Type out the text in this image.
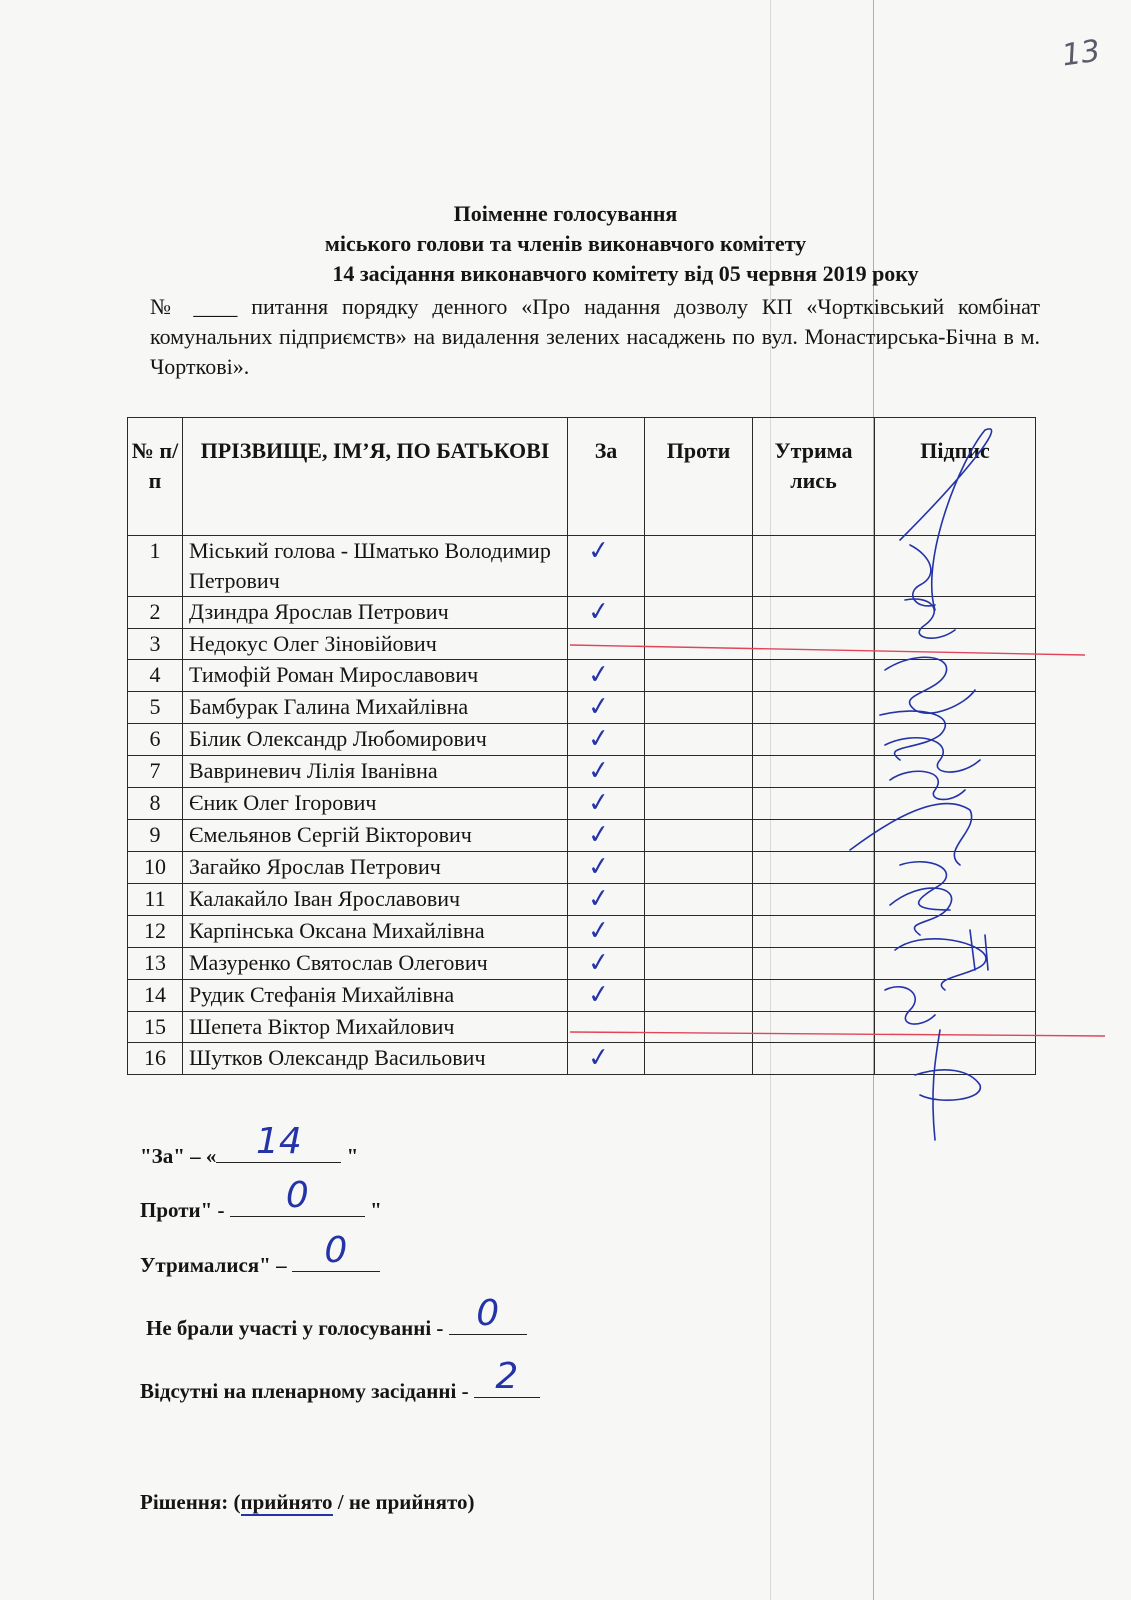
13
Поіменне голосування
міського голови та членів виконавчого комітету
14 засідання виконавчого комітету від 05 червня 2019 року
№ ____ питання порядку денного «Про надання дозволу КП «Чортківський комбінат комунальних підприємств» на видалення зелених насаджень по вул. Монастирська-Бічна в м. Чорткові».
№ п/ п	ПРІЗВИЩЕ, ІМ’Я, ПО БАТЬКОВІ	За	Проти	Утрима лись	Підпис
1	Міський голова - Шматько Володимир Петрович	✓			
2	Дзиндра Ярослав Петрович	✓			
3	Недокус Олег Зіновійович				
4	Тимофій Роман Мирославович	✓			
5	Бамбурак Галина Михайлівна	✓			
6	Білик Олександр Любомирович	✓			
7	Вавриневич Лілія Іванівна	✓			
8	Єник Олег Ігорович	✓			
9	Ємельянов Сергій Вікторович	✓			
10	Загайко Ярослав Петрович	✓			
11	Калакайло Іван Ярославович	✓			
12	Карпінська Оксана Михайлівна	✓			
13	Мазуренко Святослав Олегович	✓			
14	Рудик Стефанія Михайлівна	✓			
15	Шепета Віктор Михайлович				
16	Шутков Олександр Васильович	✓			
"За" – «	14	"
Проти" -	0	"
Утрималися" – 0
Не брали участі у голосуванні - 0
Відсутні на пленарному засіданні - 2
Рішення: (прийнято / не прийнято)
